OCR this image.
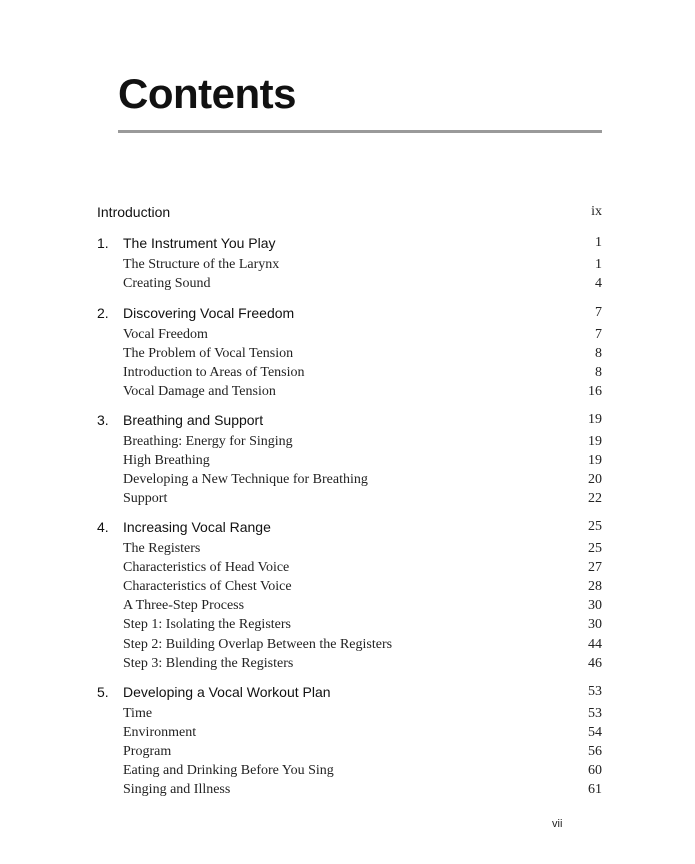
Contents
Introduction	ix
1. The Instrument You Play	1
The Structure of the Larynx	1
Creating Sound	4
2. Discovering Vocal Freedom	7
Vocal Freedom	7
The Problem of Vocal Tension	8
Introduction to Areas of Tension	8
Vocal Damage and Tension	16
3. Breathing and Support	19
Breathing: Energy for Singing	19
High Breathing	19
Developing a New Technique for Breathing	20
Support	22
4. Increasing Vocal Range	25
The Registers	25
Characteristics of Head Voice	27
Characteristics of Chest Voice	28
A Three-Step Process	30
Step 1: Isolating the Registers	30
Step 2: Building Overlap Between the Registers	44
Step 3: Blending the Registers	46
5. Developing a Vocal Workout Plan	53
Time	53
Environment	54
Program	56
Eating and Drinking Before You Sing	60
Singing and Illness	61
vii
